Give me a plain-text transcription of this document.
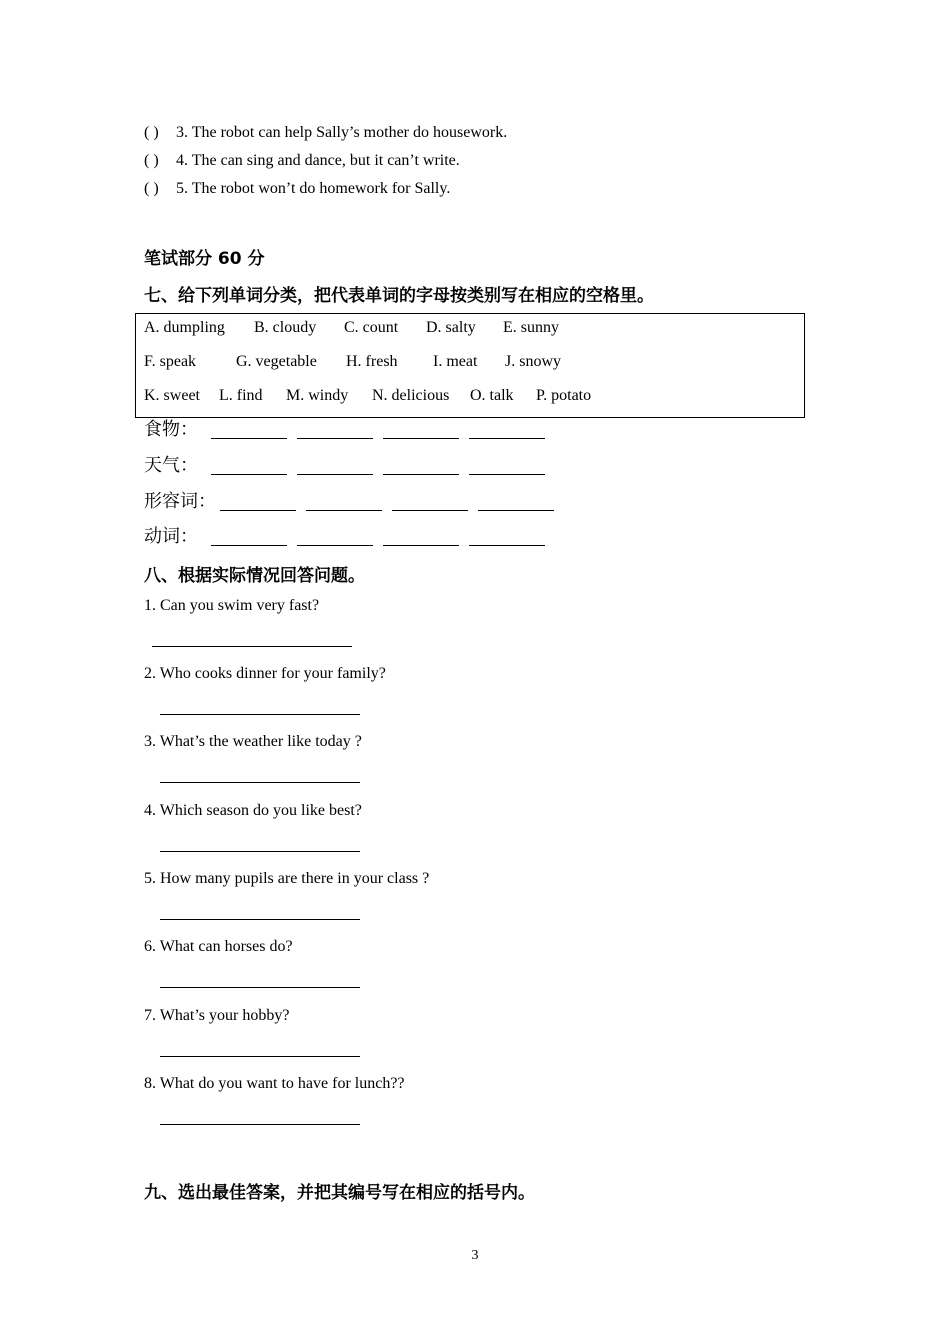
( ) 3. The robot can help Sally’s mother do housework.
( ) 4. The can sing and dance, but it can’t write.
( ) 5. The robot won’t do homework for Sally.
笔试部分 60 分
七、给下列单词分类，把代表单词的字母按类别写在相应的空格里。
A. dumpling B. cloudy C. count D. salty E. sunny
F. speak G. vegetable H. fresh I. meat J. snowy
K. sweet L. find M. windy N. delicious O. talk P. potato
食物：
天气：
形容词：
动词：
八、根据实际情况回答问题。
1. Can you swim very fast?
2. Who cooks dinner for your family?
3. What’s the weather like today ?
4. Which season do you like best?
5. How many pupils are there in your class ?
6. What can horses do?
7. What’s your hobby?
8. What do you want to have for lunch??
九、选出最佳答案，并把其编号写在相应的括号内。
3
